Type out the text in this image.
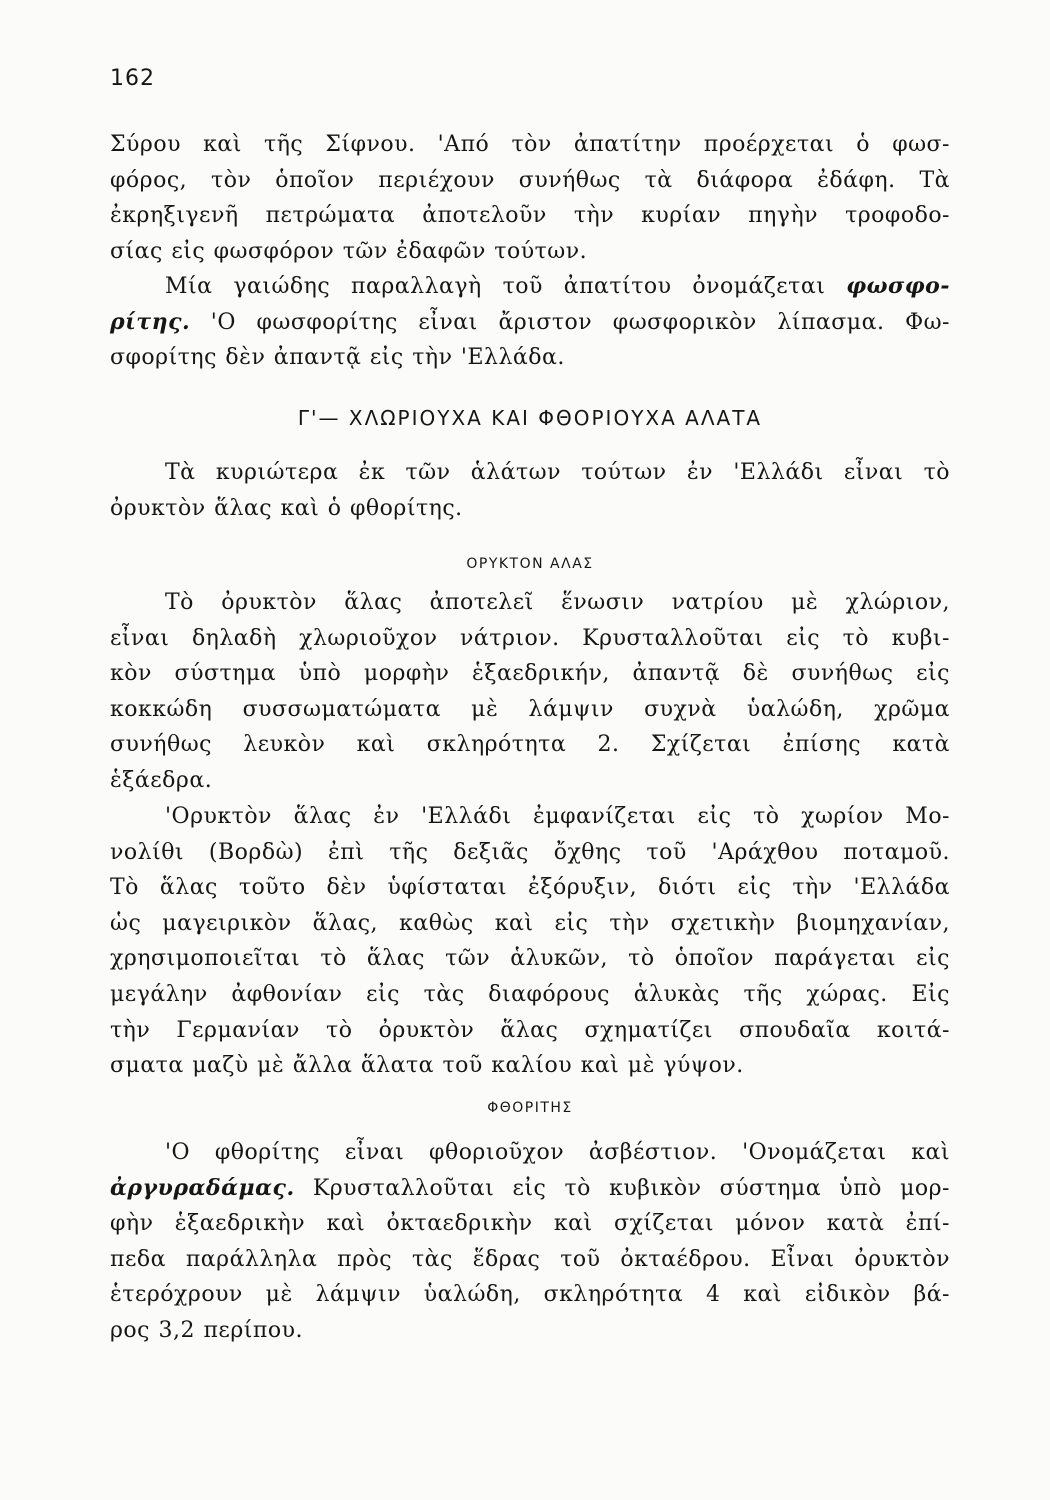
162
Σύρου καὶ τῆς Σίφνου. 'Από τὸν ἀπατίτην προέρχεται ὁ φωσ-
φόρος, τὸν ὁποῖον περιέχουν συνήθως τὰ διάφορα ἐδάφη. Τὰ
ἐκρηξιγενῆ πετρώματα ἀποτελοῦν τὴν κυρίαν πηγὴν τροφοδο-
σίας εἰς φωσφόρον τῶν ἐδαφῶν τούτων.
Μία γαιώδης παραλλαγὴ τοῦ ἀπατίτου ὀνομάζεται φωσφο-
ρίτης. 'Ο φωσφορίτης εἶναι ἄριστον φωσφορικὸν λίπασμα. Φω-
σφορίτης δὲν ἀπαντᾷ εἰς τὴν 'Ελλάδα.
Γ'— ΧΛΩΡΙΟΥΧΑ ΚΑΙ ΦΘΟΡΙΟΥΧΑ ΑΛΑΤΑ
Τὰ κυριώτερα ἐκ τῶν ἁλάτων τούτων ἐν 'Ελλάδι εἶναι τὸ
ὀρυκτὸν ἅλας καὶ ὁ φθορίτης.
ΟΡΥΚΤΟΝ ΑΛΑΣ
Τὸ ὀρυκτὸν ἅλας ἀποτελεῖ ἕνωσιν νατρίου μὲ χλώριον,
εἶναι δηλαδὴ χλωριοῦχον νάτριον. Κρυσταλλοῦται εἰς τὸ κυβι-
κὸν σύστημα ὑπὸ μορφὴν ἑξαεδρικήν, ἀπαντᾷ δὲ συνήθως εἰς
κοκκώδη συσσωματώματα μὲ λάμψιν συχνὰ ὑαλώδη, χρῶμα
συνήθως λευκὸν καὶ σκληρότητα 2. Σχίζεται ἐπίσης κατὰ
ἑξάεδρα.
'Ορυκτὸν ἅλας ἐν 'Ελλάδι ἐμφανίζεται εἰς τὸ χωρίον Μο-
νολίθι (Βορδὼ) ἐπὶ τῆς δεξιᾶς ὄχθης τοῦ 'Αράχθου ποταμοῦ.
Τὸ ἅλας τοῦτο δὲν ὑφίσταται ἐξόρυξιν, διότι εἰς τὴν 'Ελλάδα
ὡς μαγειρικὸν ἅλας, καθὼς καὶ εἰς τὴν σχετικὴν βιομηχανίαν,
χρησιμοποιεῖται τὸ ἅλας τῶν ἁλυκῶν, τὸ ὁποῖον παράγεται εἰς
μεγάλην ἀφθονίαν εἰς τὰς διαφόρους ἁλυκὰς τῆς χώρας. Εἰς
τὴν Γερμανίαν τὸ ὀρυκτὸν ἅλας σχηματίζει σπουδαῖα κοιτά-
σματα μαζὺ μὲ ἄλλα ἅλατα τοῦ καλίου καὶ μὲ γύψον.
ΦΘΟΡΙΤΗΣ
'Ο φθορίτης εἶναι φθοριοῦχον ἀσβέστιον. 'Ονομάζεται καὶ
ἀργυραδάμας. Κρυσταλλοῦται εἰς τὸ κυβικὸν σύστημα ὑπὸ μορ-
φὴν ἑξαεδρικὴν καὶ ὀκταεδρικὴν καὶ σχίζεται μόνον κατὰ ἐπί-
πεδα παράλληλα πρὸς τὰς ἕδρας τοῦ ὀκταέδρου. Εἶναι ὀρυκτὸν
ἑτερόχρουν μὲ λάμψιν ὑαλώδη, σκληρότητα 4 καὶ εἰδικὸν βά-
ρος 3,2 περίπου.
